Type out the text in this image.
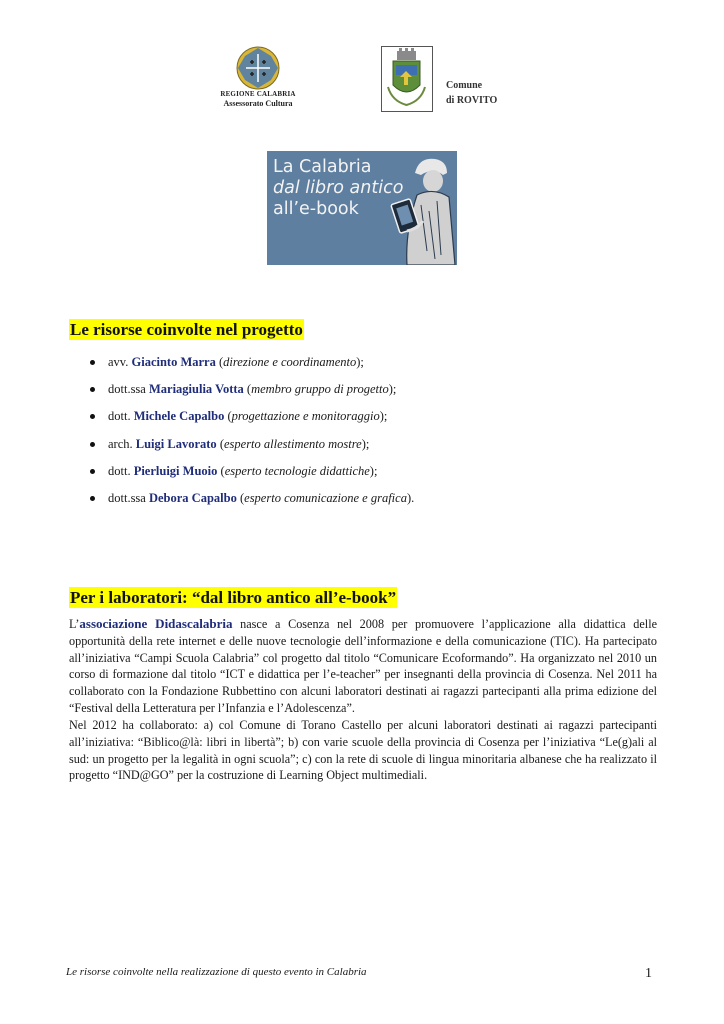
REGIONE CALABRIA
Assessorato Cultura
Comune
di ROVITO
La Calabria
dal libro antico
all’e-book
Le risorse coinvolte nel progetto
avv. Giacinto Marra (direzione e coordinamento);
dott.ssa Mariagiulia Votta (membro gruppo di progetto);
dott. Michele Capalbo (progettazione e monitoraggio);
arch. Luigi Lavorato (esperto allestimento mostre);
dott. Pierluigi Muoio (esperto tecnologie didattiche);
dott.ssa Debora Capalbo (esperto comunicazione e grafica).
Per i laboratori: “dal libro antico all’e-book”

L’associazione Didascalabria nasce a Cosenza nel 2008 per promuovere l’applicazione alla didattica delle opportunità della rete internet e delle nuove tecnologie dell’informazione e della comunicazione (TIC). Ha partecipato all’iniziativa “Campi Scuola Calabria” col progetto dal titolo “Comunicare Ecoformando”. Ha organizzato nel 2010 un corso di formazione dal titolo “ICT e didattica per l’e-teacher” per insegnanti della provincia di Cosenza. Nel 2011 ha collaborato con la Fondazione Rubbettino con alcuni laboratori destinati ai ragazzi partecipanti alla prima edizione del “Festival della Letteratura per l’Infanzia e l’Adolescenza”.

Nel 2012 ha collaborato: a) col Comune di Torano Castello per alcuni laboratori destinati ai ragazzi partecipanti all’iniziativa: “Biblico@là: libri in libertà”; b) con varie scuole della provincia di Cosenza per l’iniziativa “Le(g)ali al sud: un progetto per la legalità in ogni scuola”; c) con la rete di scuole di lingua minoritaria albanese che ha realizzato il progetto “IND@GO” per la costruzione di Learning Object multimediali.

Le risorse coinvolte nella realizzazione di questo evento in Calabria	1
